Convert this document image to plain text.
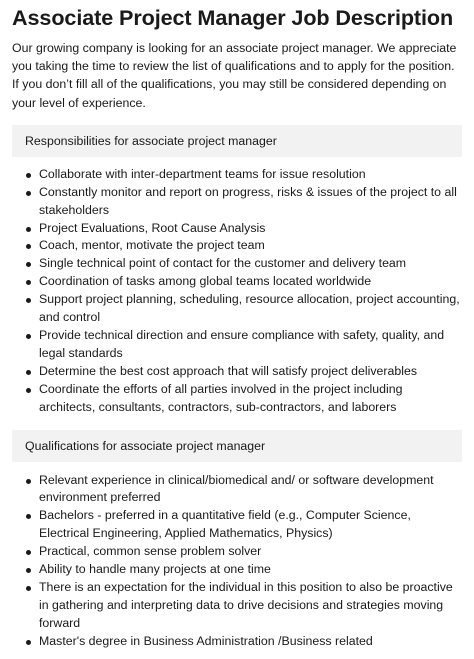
Associate Project Manager Job Description

Our growing company is looking for an associate project manager. We appreciate you taking the time to review the list of qualifications and to apply for the position. If you don’t fill all of the qualifications, you may still be considered depending on your level of experience.

Responsibilities for associate project manager
Collaborate with inter-department teams for issue resolution
Constantly monitor and report on progress, risks & issues of the project to all stakeholders
Project Evaluations, Root Cause Analysis
Coach, mentor, motivate the project team
Single technical point of contact for the customer and delivery team
Coordination of tasks among global teams located worldwide
Support project planning, scheduling, resource allocation, project accounting, and control
Provide technical direction and ensure compliance with safety, quality, and legal standards
Determine the best cost approach that will satisfy project deliverables
Coordinate the efforts of all parties involved in the project including architects, consultants, contractors, sub-contractors, and laborers
Qualifications for associate project manager
Relevant experience in clinical/biomedical and/ or software development environment preferred
Bachelors - preferred in a quantitative field (e.g., Computer Science, Electrical Engineering, Applied Mathematics, Physics)
Practical, common sense problem solver
Ability to handle many projects at one time
There is an expectation for the individual in this position to also be proactive in gathering and interpreting data to drive decisions and strategies moving forward
Master's degree in Business Administration /Business related
